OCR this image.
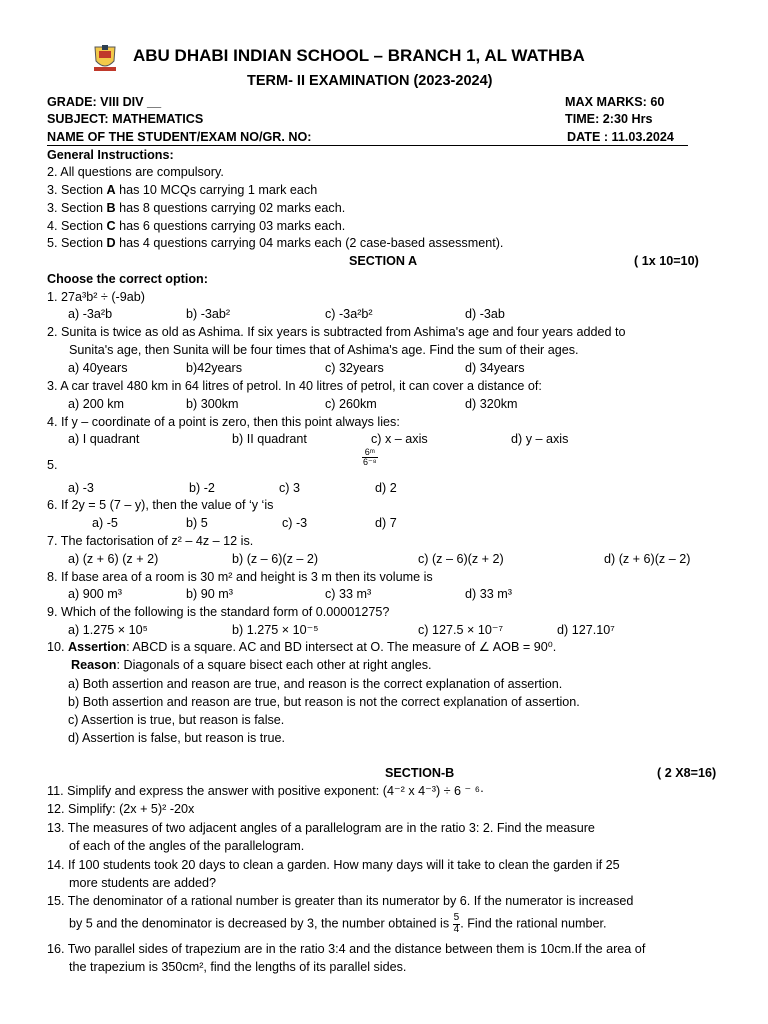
ABU DHABI INDIAN SCHOOL – BRANCH 1, AL WATHBA
TERM- II EXAMINATION (2023-2024)
GRADE: VIII DIV __	MAX MARKS: 60
SUBJECT: MATHEMATICS	TIME: 2:30 Hrs
NAME OF THE STUDENT/EXAM NO/GR. NO:	DATE : 11.03.2024
General Instructions:
2. All questions are compulsory.
3. Section A has 10 MCQs carrying 1 mark each
3. Section B has 8 questions carrying 02 marks each.
4. Section C has 6 questions carrying 03 marks each.
5. Section D has 4 questions carrying 04 marks each (2 case-based assessment).
SECTION A	( 1x 10=10)
Choose the correct option:
1. 27a³b² ÷ (-9ab)
a) -3a²b	b) -3ab²	c) -3a²b²	d) -3ab
2. Sunita is twice as old as Ashima. If six years is subtracted from Ashima's age and four years added to
Sunita's age, then Sunita will be four times that of Ashima's age. Find the sum of their ages.
a) 40years	b)42years	c) 32years	d) 34years
3. A car travel 480 km in 64 litres of petrol. In 40 litres of petrol, it can cover a distance of:
a) 200 km	b) 300km	c) 260km	d) 320km
4. If y – coordinate of a point is zero, then this point always lies:
a) I quadrant	b) II quadrant	c) x – axis	d) y – axis
5.	$\frac{\text{6ᵐ}}{\text{6⁻⁸}}$
a) -3	b) -2	c) 3	d) 2
6. If 2y = 5 (7 – y), then the value of ‘y ‘is
a) -5	b) 5	c) -3	d) 7
7. The factorisation of z² – 4z – 12 is.
a) (z + 6) (z + 2)	b) (z – 6)(z – 2)	c) (z – 6)(z + 2)	d) (z + 6)(z – 2)
8. If base area of a room is 30 m² and height is 3 m then its volume is
a) 900 m³	b) 90 m³	c) 33 m³	d) 33 m³
9. Which of the following is the standard form of 0.00001275?
a) 1.275 × 10⁵	b) 1.275 × 10⁻⁵	c) 127.5 × 10⁻⁷	d) 127.10⁷
10. Assertion: ABCD is a square. AC and BD intersect at O. The measure of ∠ AOB = 90⁰.
Reason: Diagonals of a square bisect each other at right angles.
a) Both assertion and reason are true, and reason is the correct explanation of assertion.
b) Both assertion and reason are true, but reason is not the correct explanation of assertion.
c) Assertion is true, but reason is false.
d) Assertion is false, but reason is true.
SECTION-B	( 2 X8=16)
11. Simplify and express the answer with positive exponent: (4⁻² x 4⁻³) ÷ 6 ⁻ ⁶·
12. Simplify: (2x + 5)² -20x
13. The measures of two adjacent angles of a parallelogram are in the ratio 3: 2. Find the measure
of each of the angles of the parallelogram.
14. If 100 students took 20 days to clean a garden. How many days will it take to clean the garden if 25
more students are added?
15. The denominator of a rational number is greater than its numerator by 6. If the numerator is increased
by 5 and the denominator is decreased by 3, the number obtained is $\frac{5}{4}$ . Find the rational number.
16. Two parallel sides of trapezium are in the ratio 3:4 and the distance between them is 10cm.If the area of
the trapezium is 350cm², find the lengths of its parallel sides.
